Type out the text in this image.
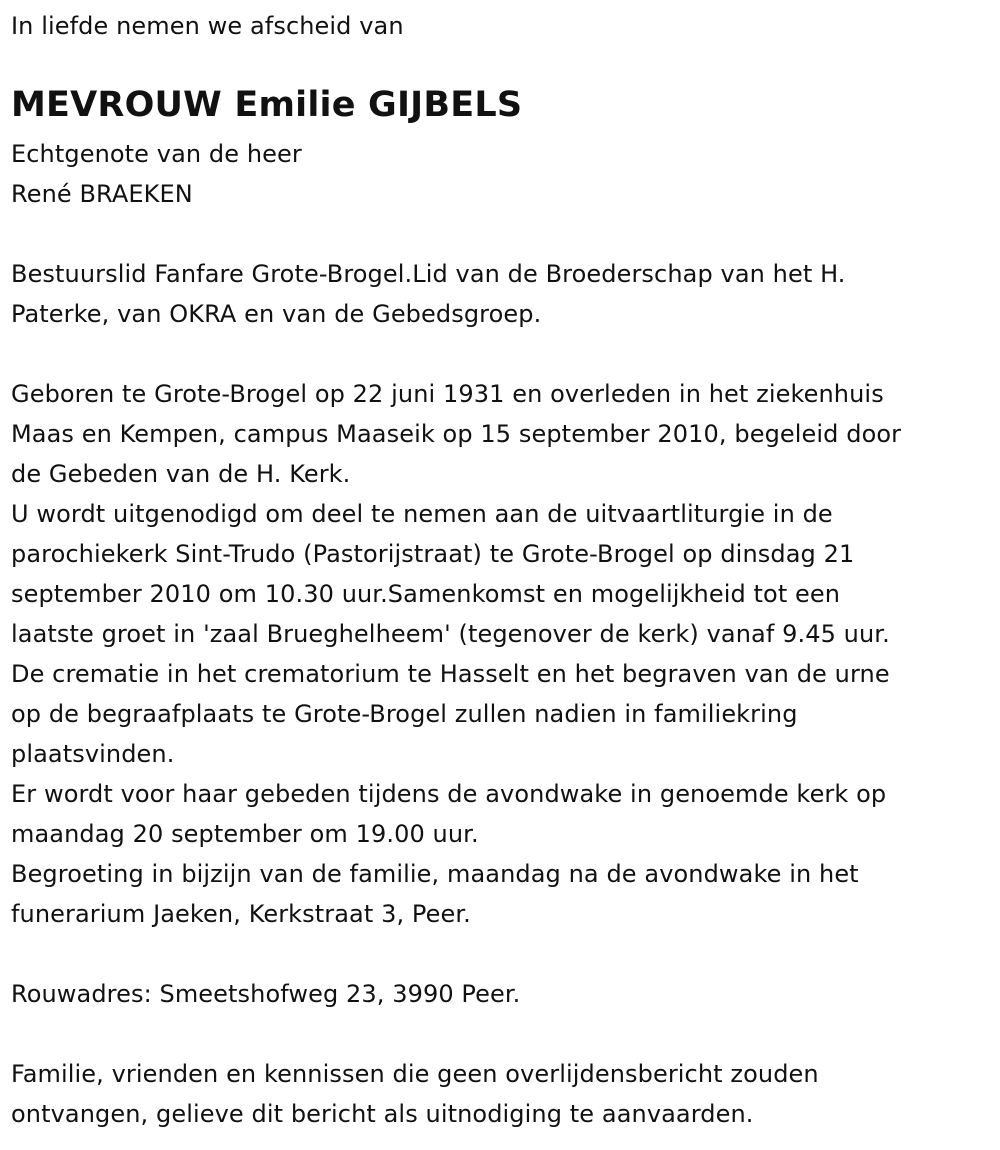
In liefde nemen we afscheid van
MEVROUW Emilie GIJBELS
Echtgenote van de heer
René BRAEKEN
Bestuurslid Fanfare Grote-Brogel.Lid van de Broederschap van het H.
Paterke, van OKRA en van de Gebedsgroep.
Geboren te Grote-Brogel op 22 juni 1931 en overleden in het ziekenhuis
Maas en Kempen, campus Maaseik op 15 september 2010, begeleid door
de Gebeden van de H. Kerk.
U wordt uitgenodigd om deel te nemen aan de uitvaartliturgie in de
parochiekerk Sint-Trudo (Pastorijstraat) te Grote-Brogel op dinsdag 21
september 2010 om 10.30 uur.Samenkomst en mogelijkheid tot een
laatste groet in 'zaal Brueghelheem' (tegenover de kerk) vanaf 9.45 uur.
De crematie in het crematorium te Hasselt en het begraven van de urne
op de begraafplaats te Grote-Brogel zullen nadien in familiekring
plaatsvinden.
Er wordt voor haar gebeden tijdens de avondwake in genoemde kerk op
maandag 20 september om 19.00 uur.
Begroeting in bijzijn van de familie, maandag na de avondwake in het
funerarium Jaeken, Kerkstraat 3, Peer.
Rouwadres: Smeetshofweg 23, 3990 Peer.
Familie, vrienden en kennissen die geen overlijdensbericht zouden
ontvangen, gelieve dit bericht als uitnodiging te aanvaarden.
